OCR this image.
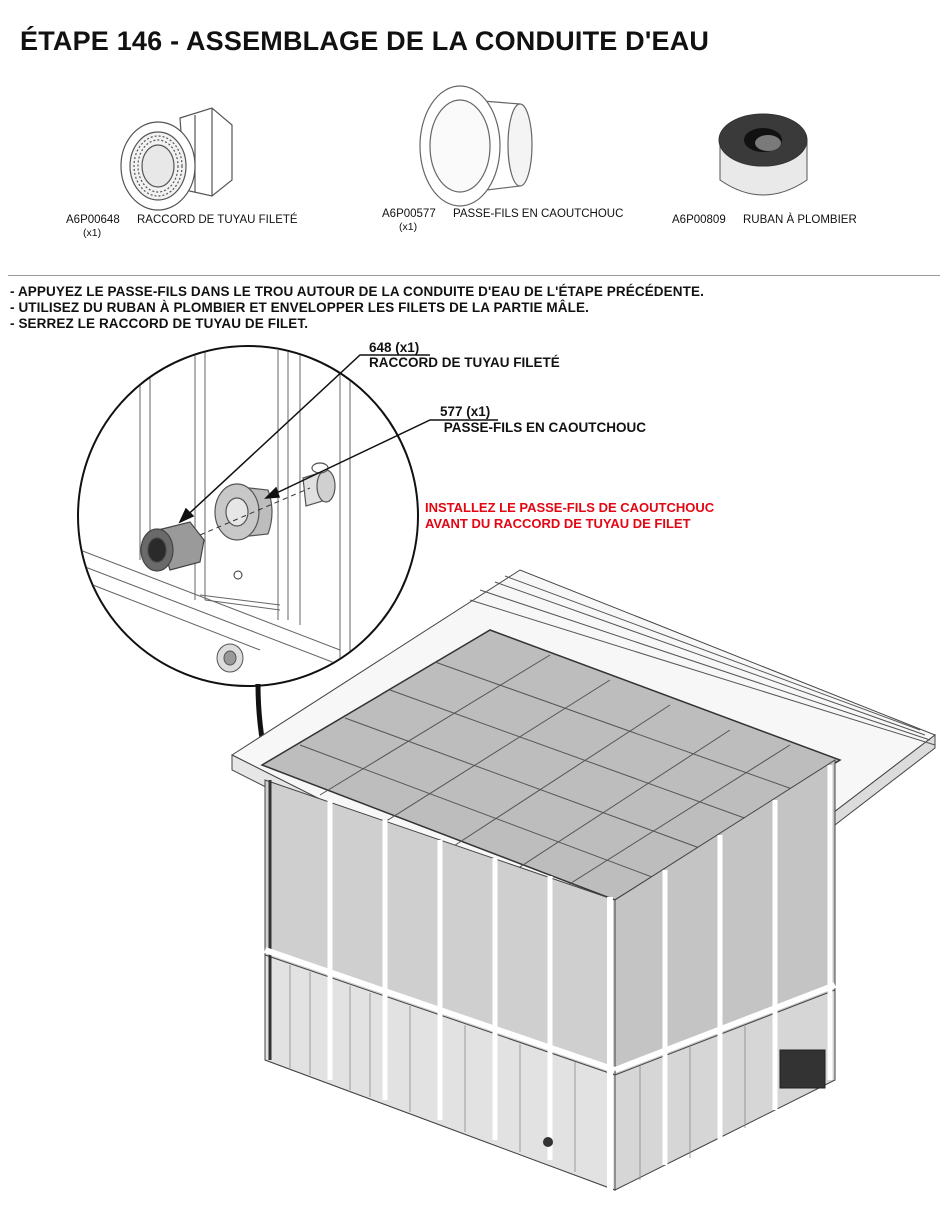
ÉTAPE 146 - ASSEMBLAGE DE LA CONDUITE D'EAU
A6P00648
(x1)
RACCORD DE TUYAU FILETÉ	A6P00577
(x1)
PASSE-FILS EN CAOUTCHOUC	A6P00809 RUBAN À PLOMBIER
- APPUYEZ LE PASSE-FILS DANS LE TROU AUTOUR DE LA CONDUITE D'EAU DE L'ÉTAPE PRÉCÉDENTE.
- UTILISEZ DU RUBAN À PLOMBIER ET ENVELOPPER LES FILETS DE LA PARTIE MÂLE.
- SERREZ LE RACCORD DE TUYAU DE FILET.
648 (x1)
RACCORD DE TUYAU FILETÉ
577 (x1)
PASSE-FILS EN CAOUTCHOUC
INSTALLEZ LE PASSE-FILS DE CAOUTCHOUC
AVANT DU RACCORD DE TUYAU DE FILET
